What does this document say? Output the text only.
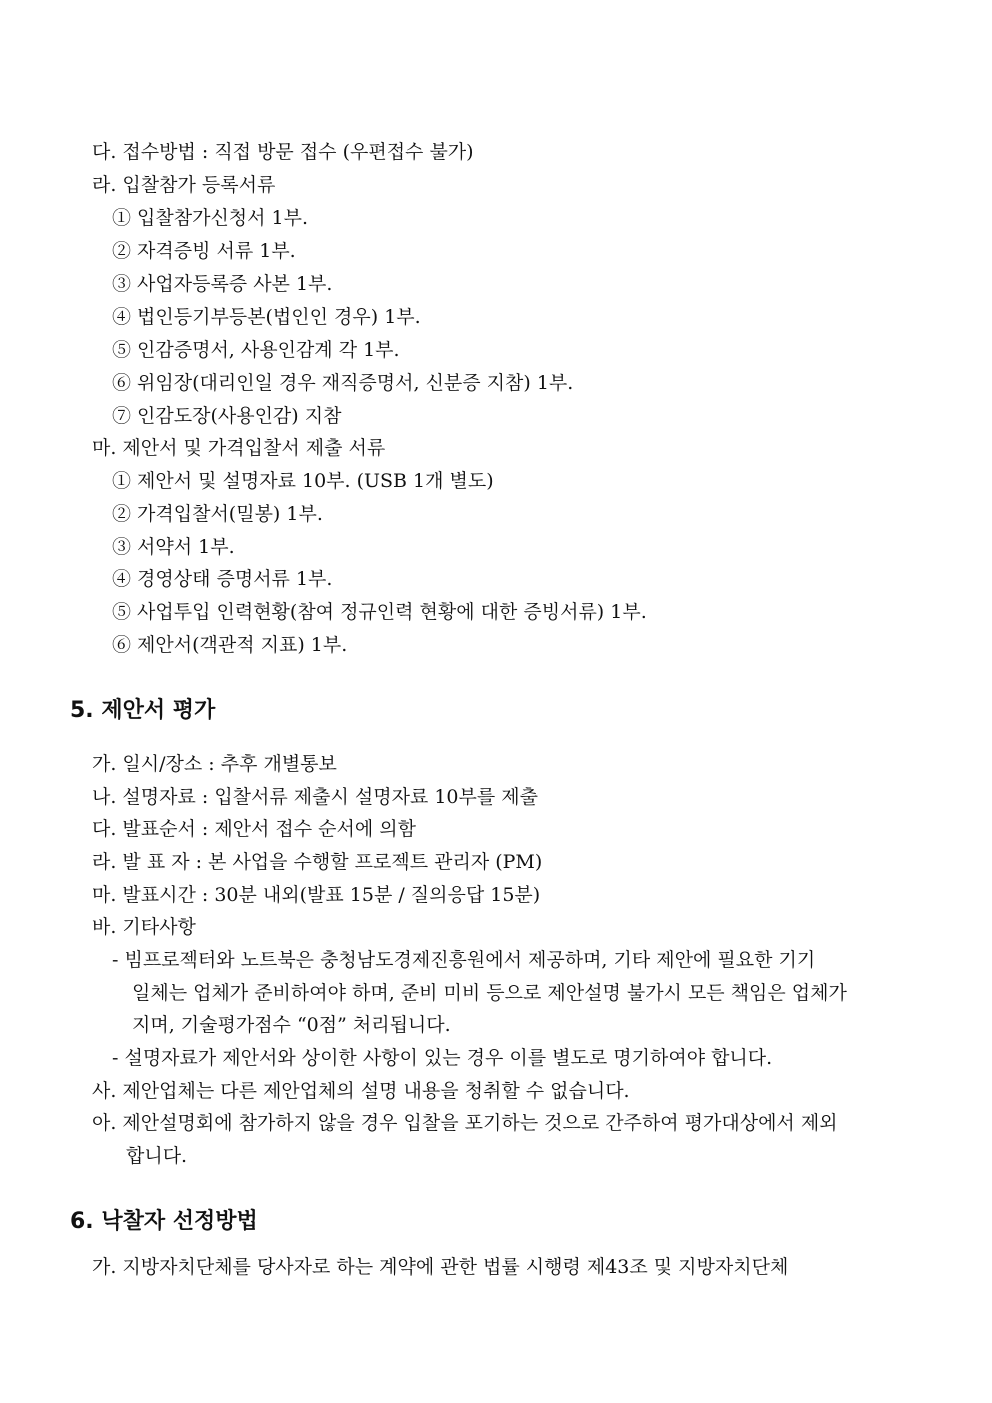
다. 접수방법 : 직접 방문 접수 (우편접수 불가)
라. 입찰참가 등록서류
① 입찰참가신청서 1부.
② 자격증빙 서류 1부.
③ 사업자등록증 사본 1부.
④ 법인등기부등본(법인인 경우) 1부.
⑤ 인감증명서, 사용인감계 각 1부.
⑥ 위임장(대리인일 경우 재직증명서, 신분증 지참) 1부.
⑦ 인감도장(사용인감) 지참
마. 제안서 및 가격입찰서 제출 서류
① 제안서 및 설명자료 10부. (USB 1개 별도)
② 가격입찰서(밀봉) 1부.
③ 서약서 1부.
④ 경영상태 증명서류 1부.
⑤ 사업투입 인력현황(참여 정규인력 현황에 대한 증빙서류) 1부.
⑥ 제안서(객관적 지표) 1부.
5. 제안서 평가
가. 일시/장소 : 추후 개별통보
나. 설명자료 : 입찰서류 제출시 설명자료 10부를 제출
다. 발표순서 : 제안서 접수 순서에 의함
라. 발 표 자 : 본 사업을 수행할 프로젝트 관리자 (PM)
마. 발표시간 : 30분 내외(발표 15분 / 질의응답 15분)
바. 기타사항
- 빔프로젝터와 노트북은 충청남도경제진흥원에서 제공하며, 기타 제안에 필요한 기기
일체는 업체가 준비하여야 하며, 준비 미비 등으로 제안설명 불가시 모든 책임은 업체가
지며, 기술평가점수 “0점” 처리됩니다.
- 설명자료가 제안서와 상이한 사항이 있는 경우 이를 별도로 명기하여야 합니다.
사. 제안업체는 다른 제안업체의 설명 내용을 청취할 수 없습니다.
아. 제안설명회에 참가하지 않을 경우 입찰을 포기하는 것으로 간주하여 평가대상에서 제외
합니다.
6. 낙찰자 선정방법
가. 지방자치단체를 당사자로 하는 계약에 관한 법률 시행령 제43조 및 지방자치단체
